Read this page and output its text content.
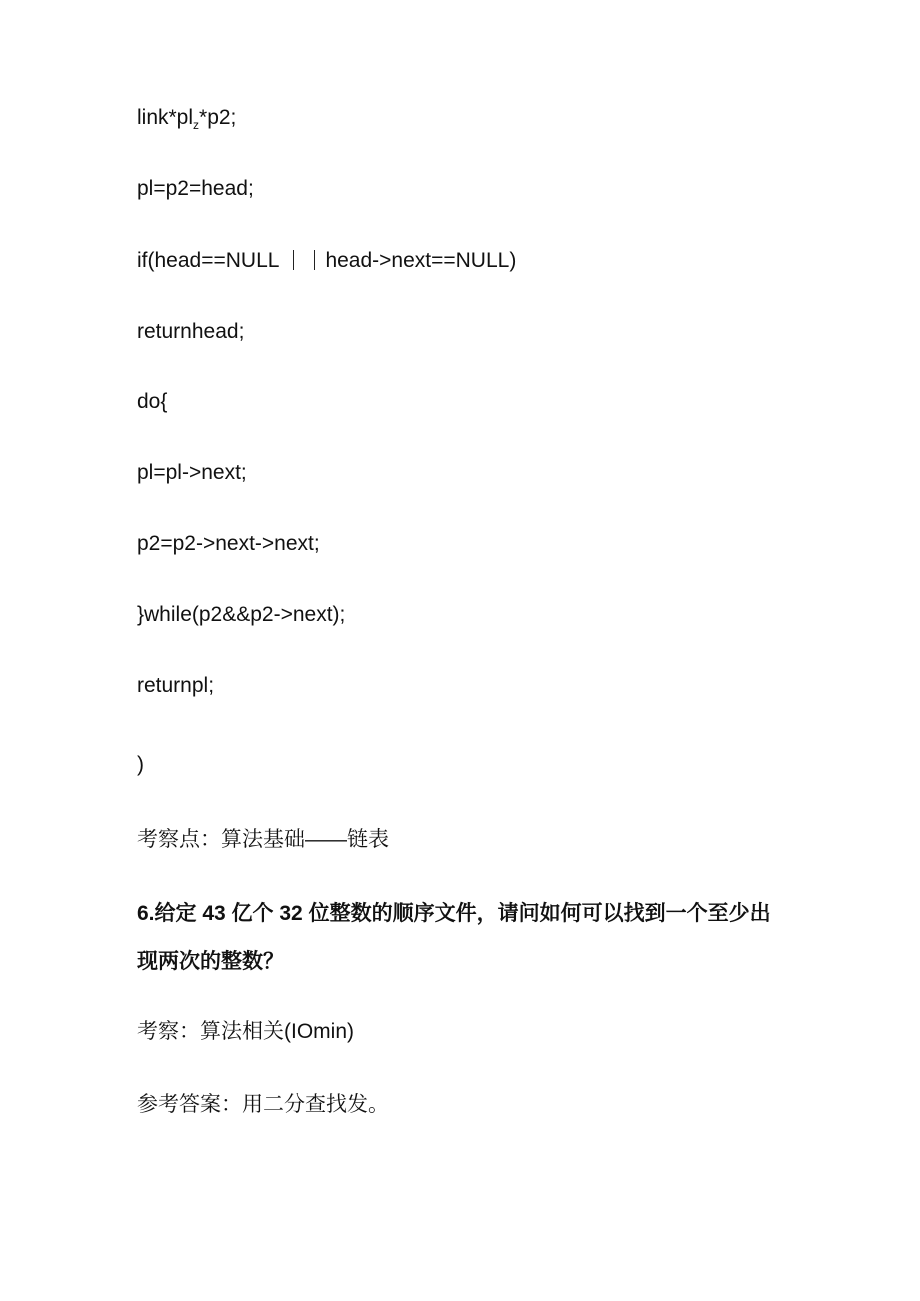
$link*pl_z*p2$;
pl=p2=head;
if(head==NULL head->next==NULL)
returnhead;
do{
pl=pl->next;
p2=p2->next->next;
}while(p2&&p2->next);
returnpl;
)
考察点：算法基础——链表
6.给定 43 亿个 32 位整数的顺序文件，请问如何可以找到一个至少出
现两次的整数？
考察：算法相关(IOmin)
参考答案：用二分查找发。
